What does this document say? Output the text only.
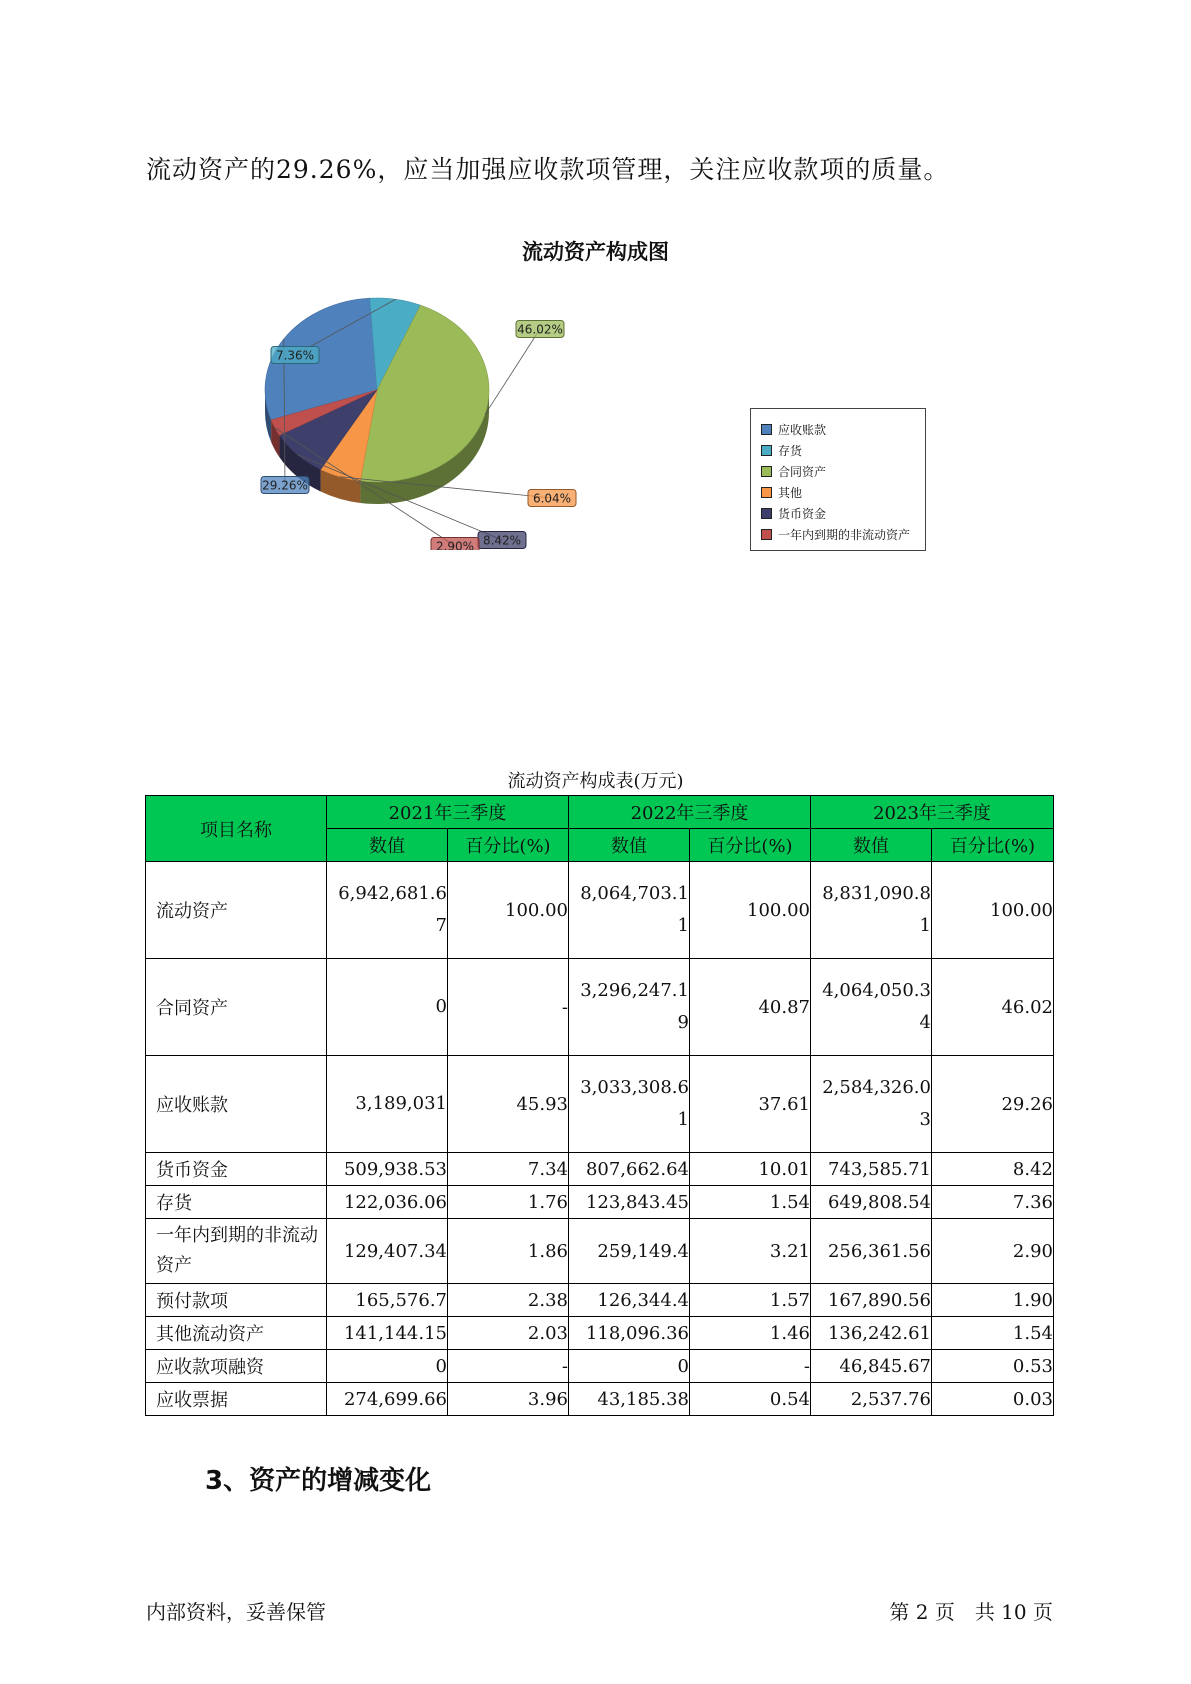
流动资产的29.26%，应当加强应收款项管理，关注应收款项的质量。
流动资产构成图
29.26%
7.36%
46.02%
6.04%
8.42%
2.90%
应收账款
存货
合同资产
其他
货币资金
一年内到期的非流动资产
流动资产构成表(万元)
项目名称	2021年三季度		2022年三季度		2023年三季度	
	数值	百分比(%)	数值	百分比(%)	数值	百分比(%)
流动资产	6,942,681.67	100.00	8,064,703.11	100.00	8,831,090.81	100.00
合同资产	0	-	3,296,247.19	40.87	4,064,050.34	46.02
应收账款	3,189,031	45.93	3,033,308.61	37.61	2,584,326.03	29.26
货币资金	509,938.53	7.34	807,662.64	10.01	743,585.71	8.42
存货	122,036.06	1.76	123,843.45	1.54	649,808.54	7.36
一年内到期的非流动资产	129,407.34	1.86	259,149.4	3.21	256,361.56	2.90
预付款项	165,576.7	2.38	126,344.4	1.57	167,890.56	1.90
其他流动资产	141,144.15	2.03	118,096.36	1.46	136,242.61	1.54
应收款项融资	0	-	0	-	46,845.67	0.53
应收票据	274,699.66	3.96	43,185.38	0.54	2,537.76	0.03
3、资产的增减变化
内部资料，妥善保管	第 2 页　共 10 页
